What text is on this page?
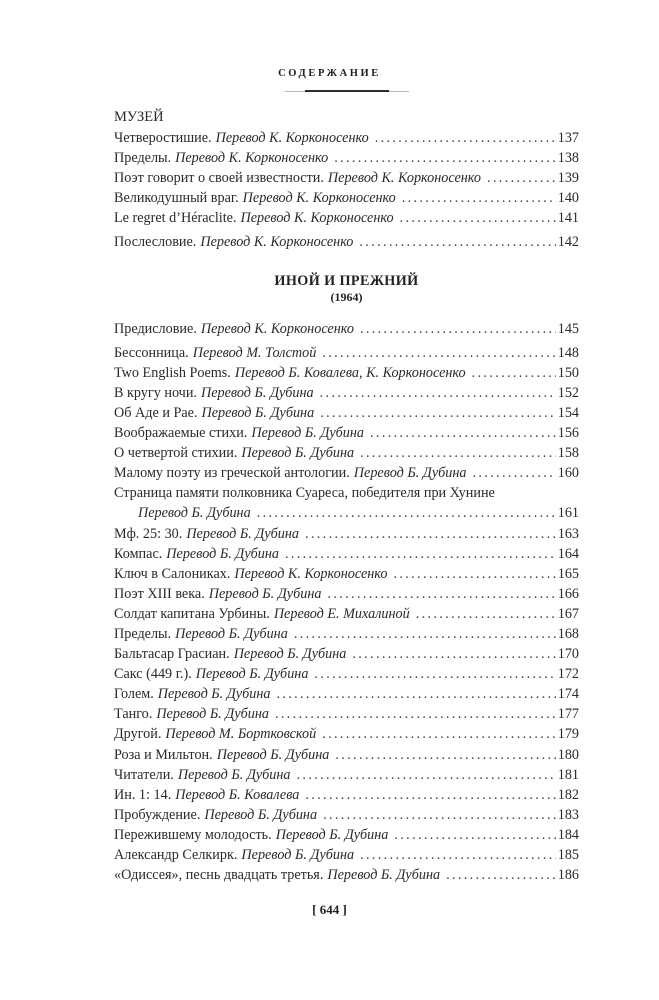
СОДЕРЖАНИЕ
МУЗЕЙ
Четверостишие. Перевод К. Корконосенко . . .	137
Пределы. Перевод К. Корконосенко . . .	138
Поэт говорит о своей известности. Перевод К. Корконосенко . . .	139
Великодушный враг. Перевод К. Корконосенко . . .	140
Le regret d’Héraclite. Перевод К. Корконосенко . . .	141
Послесловие. Перевод К. Корконосенко . . .	142
ИНОЙ И ПРЕЖНИЙ
(1964)
Предисловие. Перевод К. Корконосенко . . .	145
Бессонница. Перевод М. Толстой . . .	148
Two English Poems. Перевод Б. Ковалева, К. Корконосенко . . .	150
В кругу ночи. Перевод Б. Дубина . . .	152
Об Аде и Рае. Перевод Б. Дубина . . .	154
Воображаемые стихи. Перевод Б. Дубина . . .	156
О четвертой стихии. Перевод Б. Дубина . . .	158
Малому поэту из греческой антологии. Перевод Б. Дубина . . .	160
Страница памяти полковника Суареса, победителя при Хунине
Перевод Б. Дубина . . .	161
Мф. 25: 30. Перевод Б. Дубина . . .	163
Компас. Перевод Б. Дубина . . .	164
Ключ в Салониках. Перевод К. Корконосенко . . .	165
Поэт XIII века. Перевод Б. Дубина . . .	166
Солдат капитана Урбины. Перевод Е. Михалиной . . .	167
Пределы. Перевод Б. Дубина . . .	168
Бальтасар Грасиан. Перевод Б. Дубина . . .	170
Сакс (449 г.). Перевод Б. Дубина . . .	172
Голем. Перевод Б. Дубина . . .	174
Танго. Перевод Б. Дубина . . .	177
Другой. Перевод М. Бортковской . . .	179
Роза и Мильтон. Перевод Б. Дубина . . .	180
Читатели. Перевод Б. Дубина . . .	181
Ин. 1: 14. Перевод Б. Ковалева . . .	182
Пробуждение. Перевод Б. Дубина . . .	183
Пережившему молодость. Перевод Б. Дубина . . .	184
Александр Селкирк. Перевод Б. Дубина . . .	185
«Одиссея», песнь двадцать третья. Перевод Б. Дубина . . .	186
[ 644 ]
